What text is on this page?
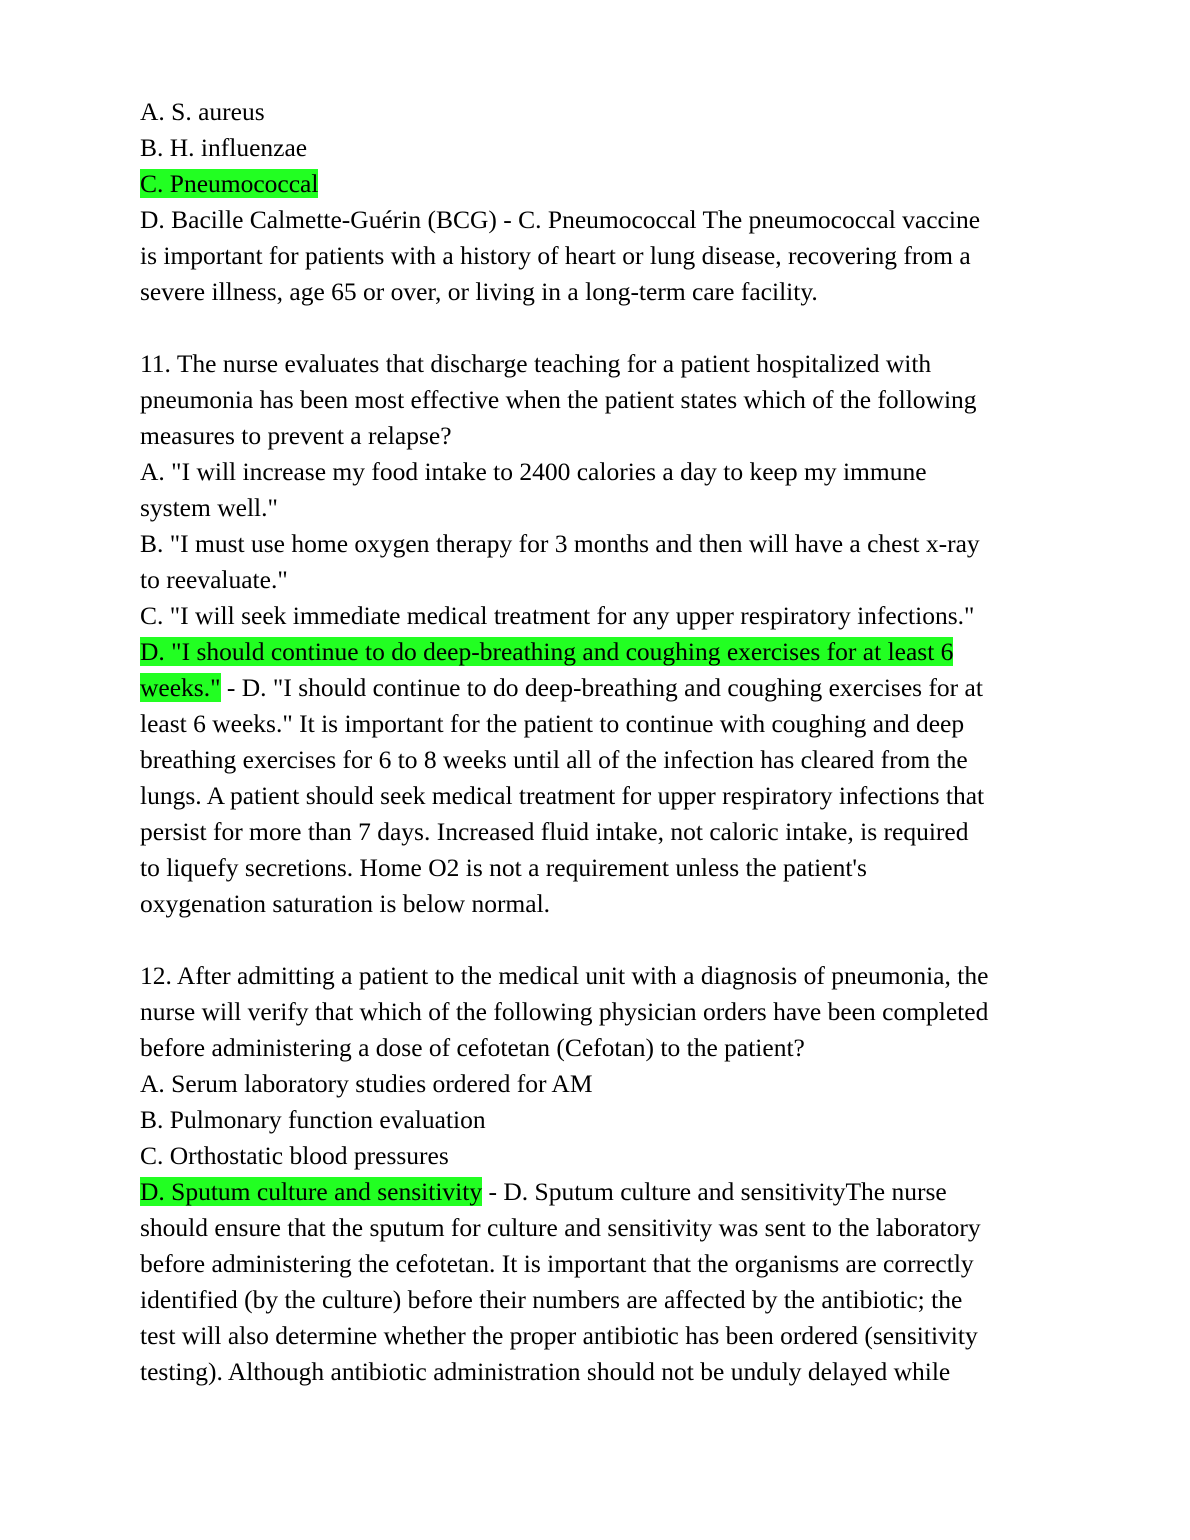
A. S. aureus
B. H. influenzae
C. Pneumococcal
D. Bacille Calmette-Guérin (BCG) - C. Pneumococcal The pneumococcal vaccine
is important for patients with a history of heart or lung disease, recovering from a
severe illness, age 65 or over, or living in a long-term care facility.
11. The nurse evaluates that discharge teaching for a patient hospitalized with
pneumonia has been most effective when the patient states which of the following
measures to prevent a relapse?
A. "I will increase my food intake to 2400 calories a day to keep my immune
system well."
B. "I must use home oxygen therapy for 3 months and then will have a chest x-ray
to reevaluate."
C. "I will seek immediate medical treatment for any upper respiratory infections."
D. "I should continue to do deep-breathing and coughing exercises for at least 6
weeks." - D. "I should continue to do deep-breathing and coughing exercises for at
least 6 weeks." It is important for the patient to continue with coughing and deep
breathing exercises for 6 to 8 weeks until all of the infection has cleared from the
lungs. A patient should seek medical treatment for upper respiratory infections that
persist for more than 7 days. Increased fluid intake, not caloric intake, is required
to liquefy secretions. Home O2 is not a requirement unless the patient's
oxygenation saturation is below normal.
12. After admitting a patient to the medical unit with a diagnosis of pneumonia, the
nurse will verify that which of the following physician orders have been completed
before administering a dose of cefotetan (Cefotan) to the patient?
A. Serum laboratory studies ordered for AM
B. Pulmonary function evaluation
C. Orthostatic blood pressures
D. Sputum culture and sensitivity - D. Sputum culture and sensitivityThe nurse
should ensure that the sputum for culture and sensitivity was sent to the laboratory
before administering the cefotetan. It is important that the organisms are correctly
identified (by the culture) before their numbers are affected by the antibiotic; the
test will also determine whether the proper antibiotic has been ordered (sensitivity
testing). Although antibiotic administration should not be unduly delayed while
